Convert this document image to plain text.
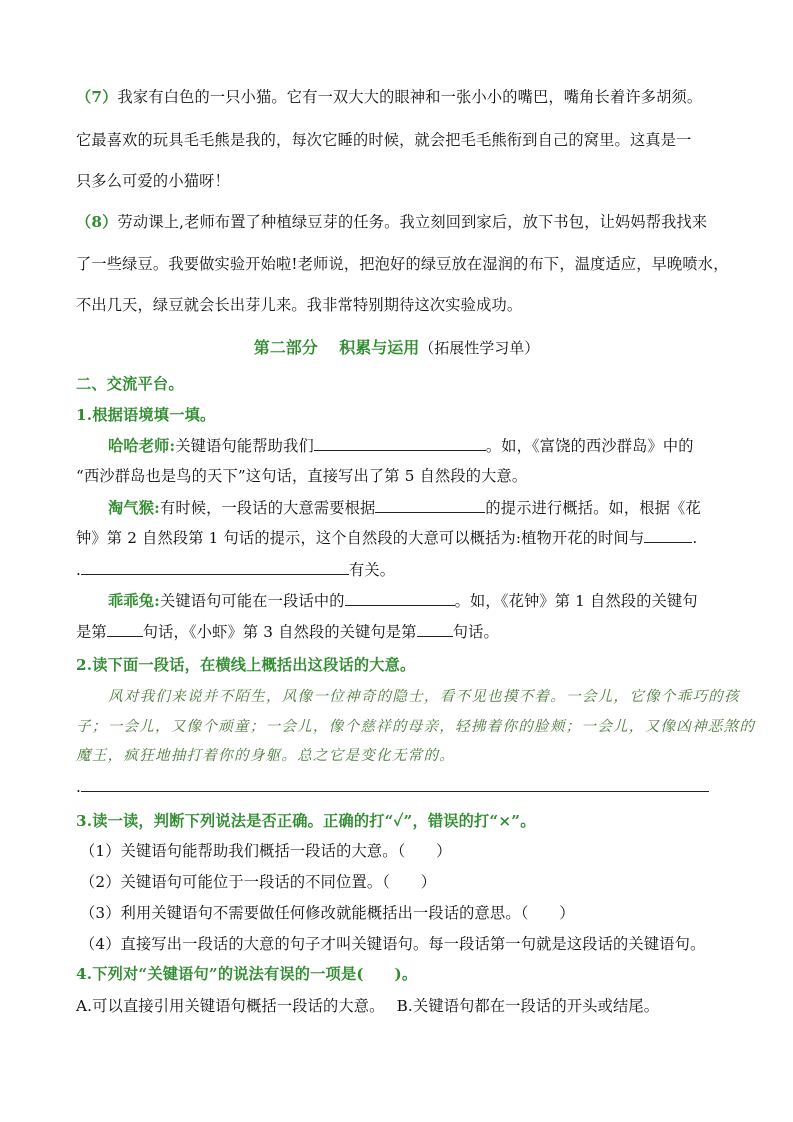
（7）我家有白色的一只小猫。它有一双大大的眼神和一张小小的嘴巴，嘴角长着许多胡须。
它最喜欢的玩具毛毛熊是我的，每次它睡的时候，就会把毛毛熊衔到自己的窝里。这真是一
只多么可爱的小猫呀！
（8）劳动课上,老师布置了种植绿豆芽的任务。我立刻回到家后，放下书包，让妈妈帮我找来
了一些绿豆。我要做实验开始啦!老师说，把泡好的绿豆放在湿润的布下，温度适应，早晚喷水，
不出几天，绿豆就会长出芽儿来。我非常特别期待这次实验成功。
第二部分　 积累与运用（拓展性学习单）
二、交流平台。
1.根据语境填一填。
哈哈老师:关键语句能帮助我们	。如，《富饶的西沙群岛》中的
“西沙群岛也是鸟的天下”这句话，直接写出了第 5 自然段的大意。
淘气猴:有时候，一段话的大意需要根据	的提示进行概括。如，根据《花
钟》第 2 自然段第 1 句话的提示，这个自然段的大意可以概括为:植物开花的时间与	.
.	有关。
乖乖兔:关键语句可能在一段话中的	。如，《花钟》第 1 自然段的关键句
是第 句话，《小虾》第 3 自然段的关键句是第 句话。
2.读下面一段话，在横线上概括出这段话的大意。
风对我们来说并不陌生，风像一位神奇的隐士，看不见也摸不着。一会儿，它像个乖巧的孩
子；一会儿，又像个顽童；一会儿，像个慈祥的母亲，轻拂着你的脸颊；一会儿，又像凶神恶煞的
魔王，疯狂地抽打着你的身躯。总之它是变化无常的。
.
3.读一读，判断下列说法是否正确。正确的打“✓”，错误的打“×”。
（1）关键语句能帮助我们概括一段话的大意。（　　）
（2）关键语句可能位于一段话的不同位置。（　　）
（3）利用关键语句不需要做任何修改就能概括出一段话的意思。（　　）
（4）直接写出一段话的大意的句子才叫关键语句。每一段话第一句就是这段话的关键语句。
4.下列对“关键语句”的说法有误的一项是(　　)。
A.可以直接引用关键语句概括一段话的大意。 B.关键语句都在一段话的开头或结尾。
